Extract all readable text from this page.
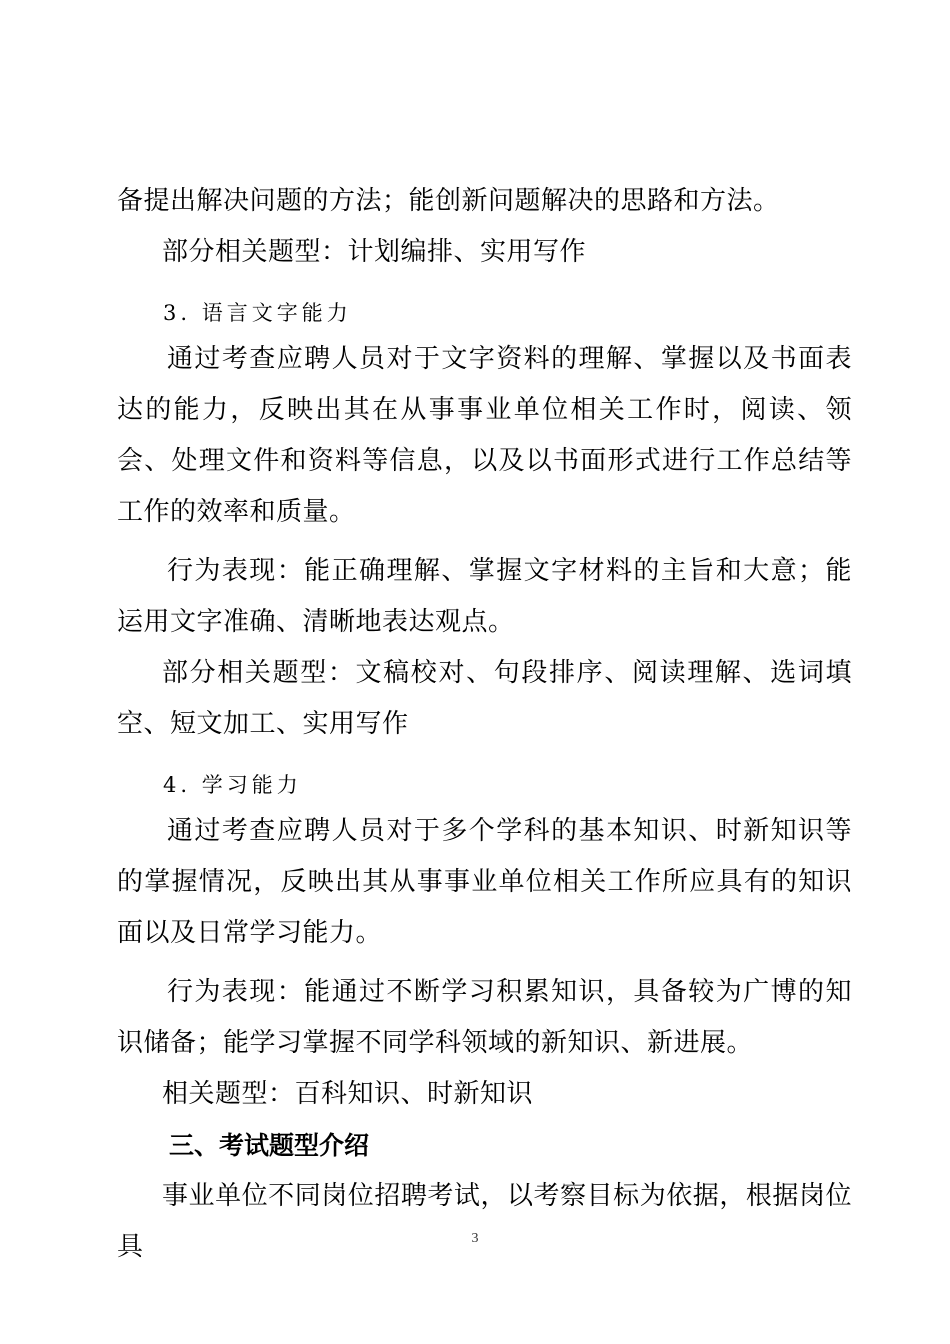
备提出解决问题的方法；能创新问题解决的思路和方法。

部分相关题型：计划编排、实用写作

3. 语言文字能力

通过考查应聘人员对于文字资料的理解、掌握以及书面表达的能力，反映出其在从事事业单位相关工作时，阅读、领会、处理文件和资料等信息，以及以书面形式进行工作总结等工作的效率和质量。

行为表现：能正确理解、掌握文字材料的主旨和大意；能运用文字准确、清晰地表达观点。

部分相关题型：文稿校对、句段排序、阅读理解、选词填空、短文加工、实用写作

4. 学习能力

通过考查应聘人员对于多个学科的基本知识、时新知识等的掌握情况，反映出其从事事业单位相关工作所应具有的知识面以及日常学习能力。

行为表现：能通过不断学习积累知识，具备较为广博的知识储备；能学习掌握不同学科领域的新知识、新进展。

相关题型：百科知识、时新知识

三、考试题型介绍

事业单位不同岗位招聘考试，以考察目标为依据，根据岗位具	3
